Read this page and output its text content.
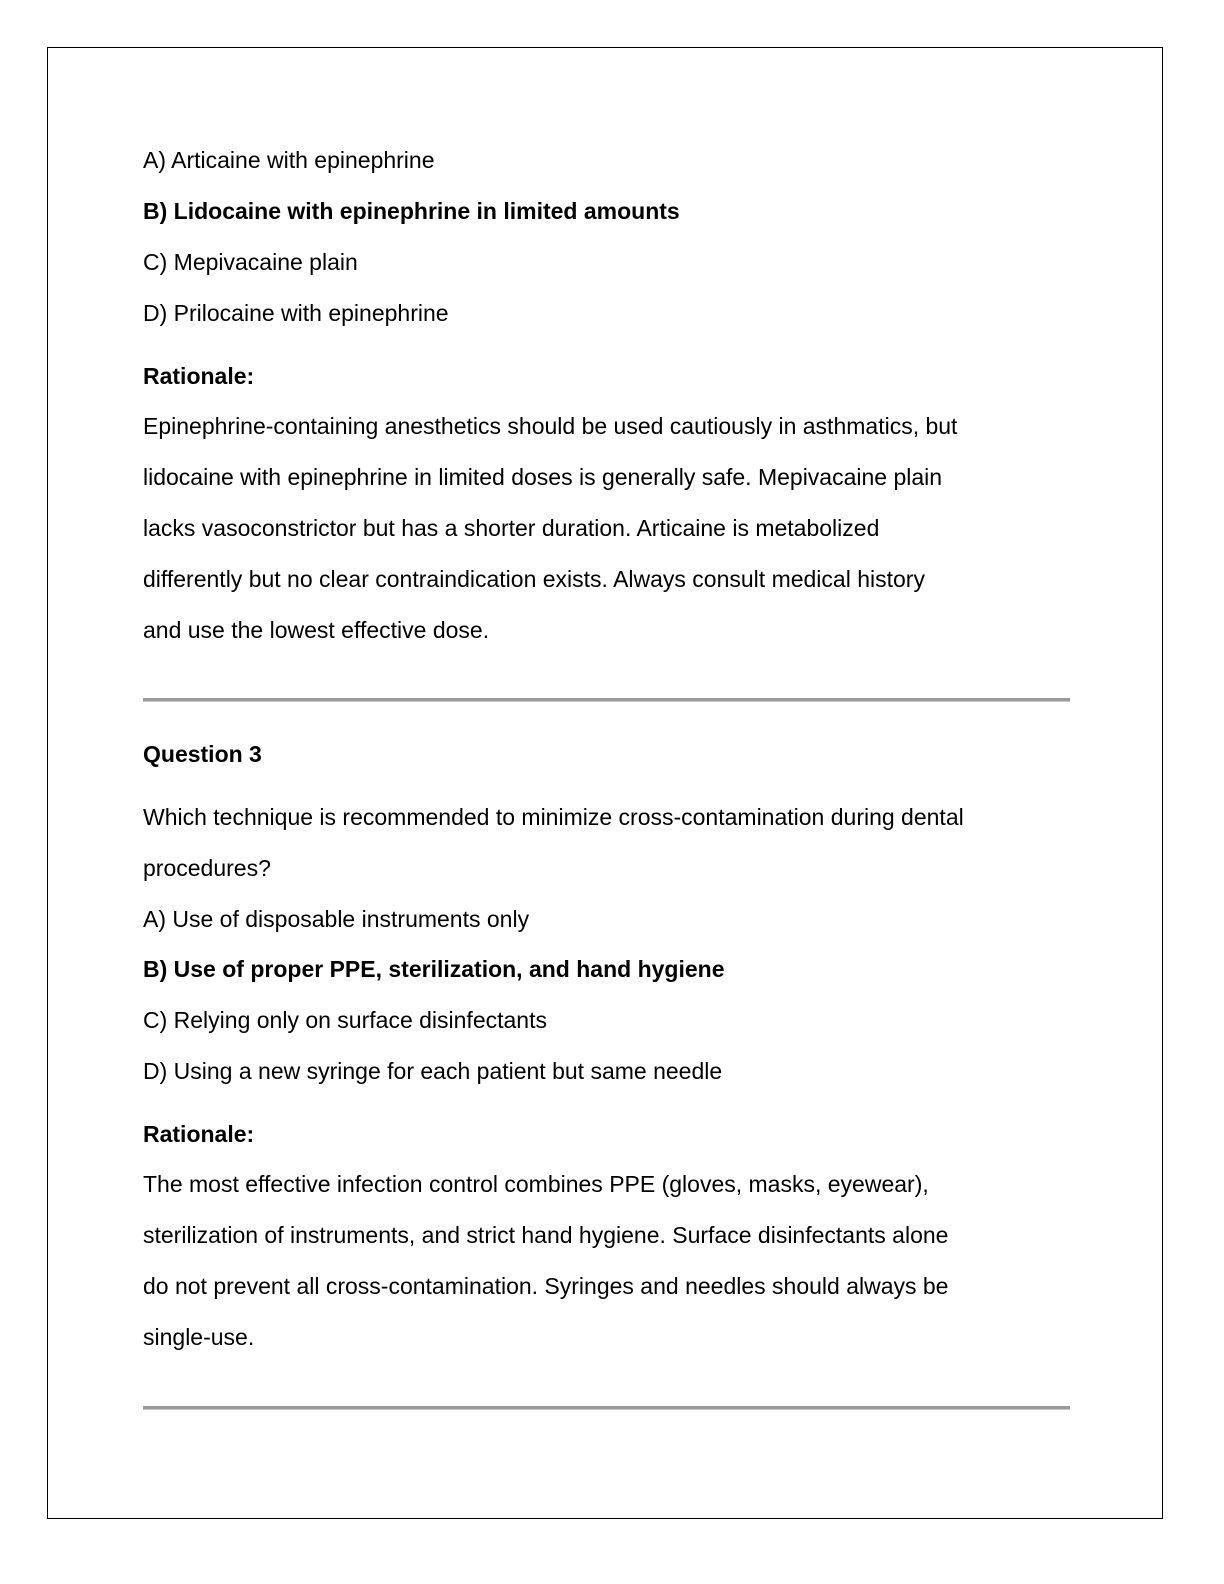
A) Articaine with epinephrine
B) Lidocaine with epinephrine in limited amounts
C) Mepivacaine plain
D) Prilocaine with epinephrine
Rationale:
Epinephrine-containing anesthetics should be used cautiously in asthmatics, but
lidocaine with epinephrine in limited doses is generally safe. Mepivacaine plain
lacks vasoconstrictor but has a shorter duration. Articaine is metabolized
differently but no clear contraindication exists. Always consult medical history
and use the lowest effective dose.
Question 3
Which technique is recommended to minimize cross-contamination during dental
procedures?
A) Use of disposable instruments only
B) Use of proper PPE, sterilization, and hand hygiene
C) Relying only on surface disinfectants
D) Using a new syringe for each patient but same needle
Rationale:
The most effective infection control combines PPE (gloves, masks, eyewear),
sterilization of instruments, and strict hand hygiene. Surface disinfectants alone
do not prevent all cross-contamination. Syringes and needles should always be
single-use.
